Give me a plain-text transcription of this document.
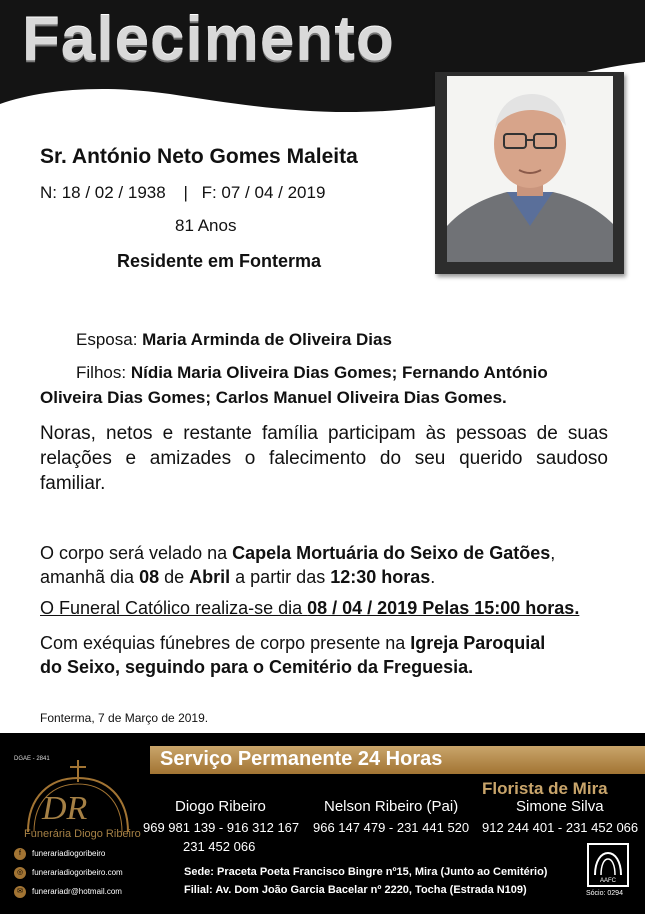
Falecimento
Sr. António Neto Gomes Maleita
N: 18 / 02 / 1938 | F: 07 / 04 / 2019
81 Anos
Residente em Fonterma
Esposa: Maria Arminda de Oliveira Dias
Filhos: Nídia Maria Oliveira Dias Gomes; Fernando António
Oliveira Dias Gomes; Carlos Manuel Oliveira Dias Gomes.
Noras, netos e restante família participam às pessoas de suas relações e amizades o falecimento do seu querido saudoso familiar.
O corpo será velado na Capela Mortuária do Seixo de Gatões,
amanhã dia 08 de Abril a partir das 12:30 horas.
O Funeral Católico realiza-se dia 08 / 04 / 2019 Pelas 15:00 horas.
Com exéquias fúnebres de corpo presente na Igreja Paroquial
do Seixo, seguindo para o Cemitério da Freguesia.
Fonterma, 7 de Março de 2019.
Serviço Permanente 24 Horas
DGAE - 2841
DR
Funerária Diogo Ribeiro
f funerariadiogoribeiro
◎ funerariadiogoribeiro.com
✉ funerariadr@hotmail.com
Florista de Mira
Diogo Ribeiro
969 981 139 - 916 312 167
231 452 066
Nelson Ribeiro (Pai)
966 147 479 - 231 441 520
Simone Silva
912 244 401 - 231 452 066
Sede: Praceta Poeta Francisco Bingre nº15, Mira (Junto ao Cemitério)
Filial: Av. Dom João Garcia Bacelar nº 2220, Tocha (Estrada N109)
AAFC
Sócio: 0294
